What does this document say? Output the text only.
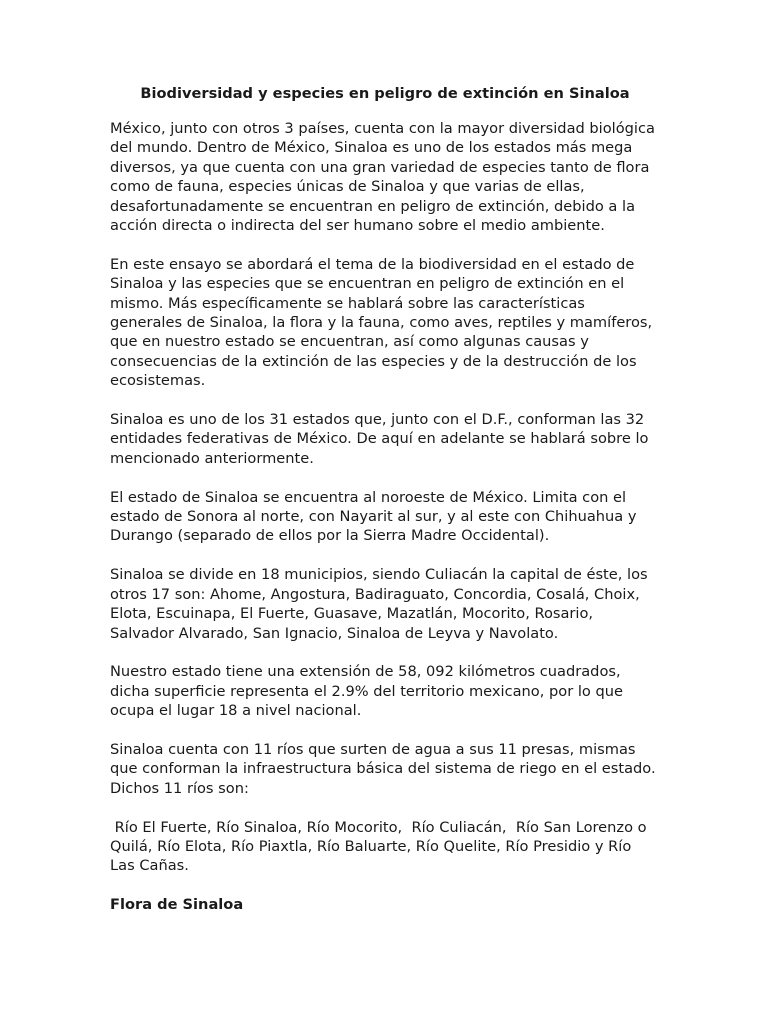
Biodiversidad y especies en peligro de extinción en Sinaloa

México, junto con otros 3 países, cuenta con la mayor diversidad biológica del mundo. Dentro de México, Sinaloa es uno de los estados más mega diversos, ya que cuenta con una gran variedad de especies tanto de flora como de fauna, especies únicas de Sinaloa y que varias de ellas, desafortunadamente se encuentran en peligro de extinción, debido a la acción directa o indirecta del ser humano sobre el medio ambiente.

En este ensayo se abordará el tema de la biodiversidad en el estado de Sinaloa y las especies que se encuentran en peligro de extinción en el mismo. Más específicamente se hablará sobre las características generales de Sinaloa, la flora y la fauna, como aves, reptiles y mamíferos, que en nuestro estado se encuentran, así como algunas causas y consecuencias de la extinción de las especies y de la destrucción de los ecosistemas.

Sinaloa es uno de los 31 estados que, junto con el D.F., conforman las 32 entidades federativas de México. De aquí en adelante se hablará sobre lo mencionado anteriormente.

El estado de Sinaloa se encuentra al noroeste de México. Limita con el estado de Sonora al norte, con Nayarit al sur, y al este con Chihuahua y Durango (separado de ellos por la Sierra Madre Occidental).

Sinaloa se divide en 18 municipios, siendo Culiacán la capital de éste, los otros 17 son: Ahome, Angostura, Badiraguato, Concordia, Cosalá, Choix, Elota, Escuinapa, El Fuerte, Guasave, Mazatlán, Mocorito, Rosario, Salvador Alvarado, San Ignacio, Sinaloa de Leyva y Navolato.

Nuestro estado tiene una extensión de 58, 092 kilómetros cuadrados, dicha superficie representa el 2.9% del territorio mexicano, por lo que ocupa el lugar 18 a nivel nacional.

Sinaloa cuenta con 11 ríos que surten de agua a sus 11 presas, mismas que conforman la infraestructura básica del sistema de riego en el estado. Dichos 11 ríos son:

Río El Fuerte, Río Sinaloa, Río Mocorito,  Río Culiacán,  Río San Lorenzo o Quilá, Río Elota, Río Piaxtla, Río Baluarte, Río Quelite, Río Presidio y Río Las Cañas.

Flora de Sinaloa
